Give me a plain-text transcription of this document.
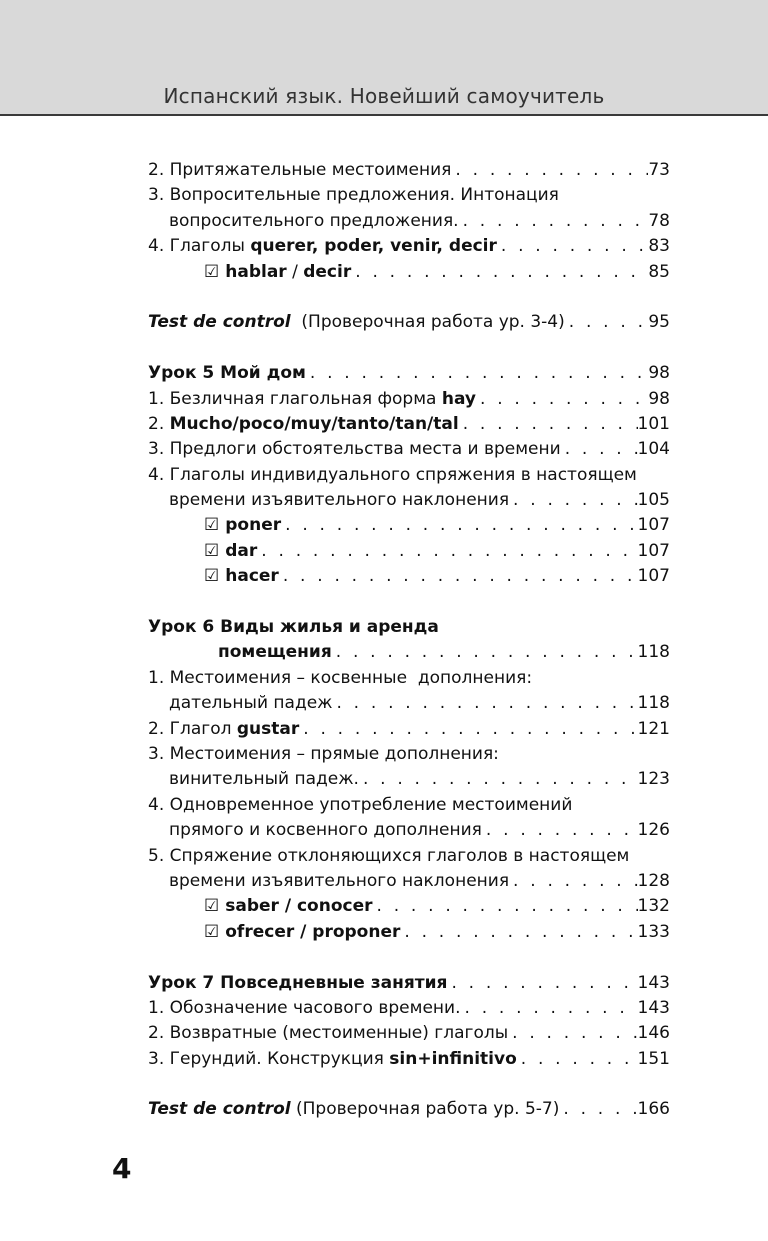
Испанский язык. Новейший самоучитель
2. Притяжательные местоимения . . .	73
3. Вопросительные предложения. Интонация
вопросительного предложения. . . .	78
4. Глаголы querer, poder, venir, decir . . .	83
☑ hablar / decir . . .	85
Test de control  (Проверочная работа ур. 3-4) . . .	95
Урок 5 Мой дом . . .	98
1. Безличная глагольная форма hay . . .	98
2. Mucho/poco/muy/tanto/tan/tal . . .	101
3. Предлоги обстоятельства места и времени . . .	104
4. Глаголы индивидуального спряжения в настоящем
времени изъявительного наклонения . . .	105
☑ poner . . .	107
☑ dar . . .	107
☑ hacer . . .	107
Урок 6 Виды жилья и аренда
помещения . . .	118
1. Местоимения – косвенные  дополнения:
дательный падеж . . .	118
2. Глагол gustar . . .	121
3. Местоимения – прямые дополнения:
винительный падеж. . . .	123
4. Одновременное употребление местоимений
прямого и косвенного дополнения . . .	126
5. Спряжение отклоняющихся глаголов в настоящем
времени изъявительного наклонения . . .	128
☑ saber / conocer . . .	132
☑ ofrecer / proponer . . .	133
Урок 7 Повседневные занятия . . .	143
1. Обозначение часового времени. . . .	143
2. Возвратные (местоименные) глаголы . . .	146
3. Герундий. Конструкция sin+infinitivo . . .	151
Test de control (Проверочная работа ур. 5-7) . . .	166
4
